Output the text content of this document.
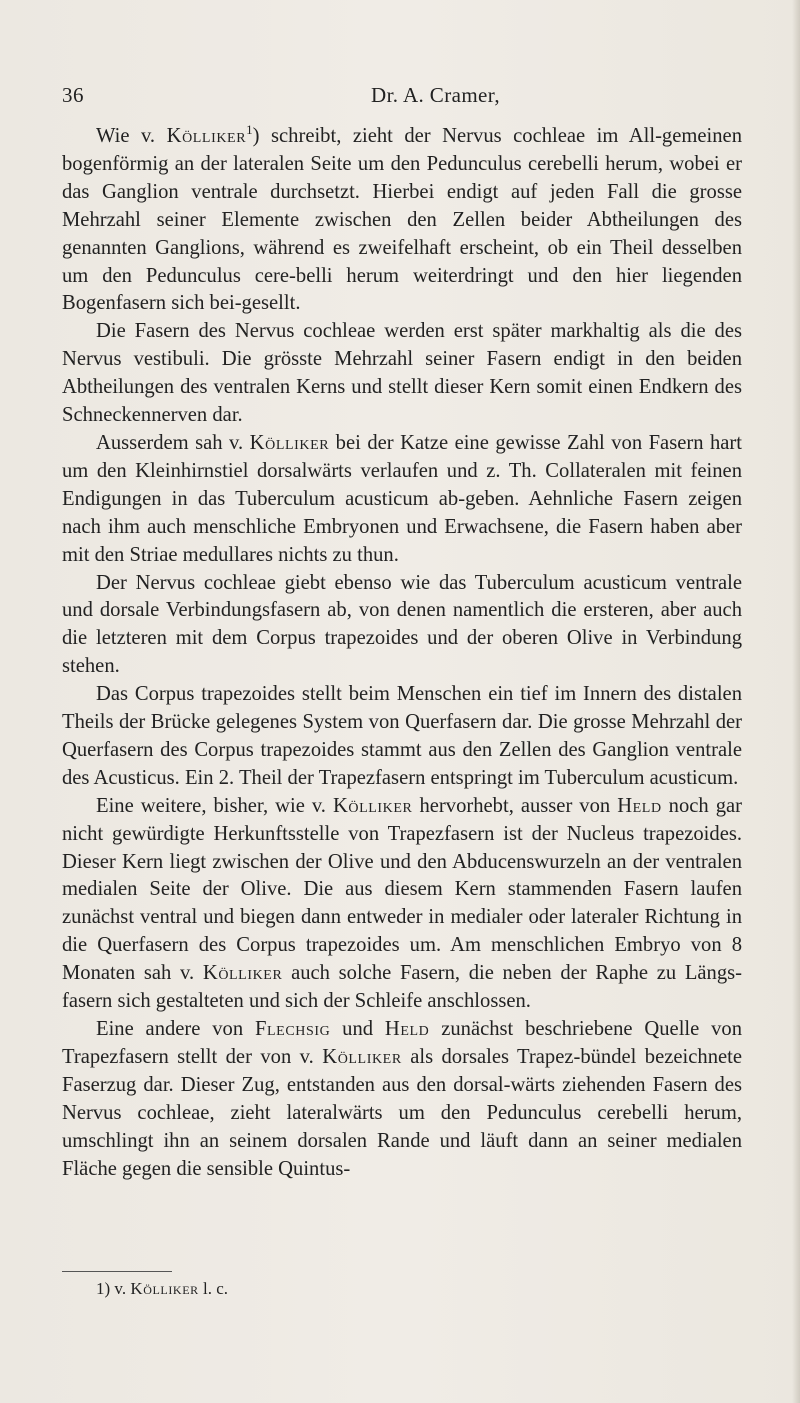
36	Dr. A. Cramer,

Wie v. Kölliker$^1$) schreibt, zieht der Nervus cochleae im All-gemeinen bogenförmig an der lateralen Seite um den Pedunculus cerebelli herum, wobei er das Ganglion ventrale durchsetzt. Hierbei endigt auf jeden Fall die grosse Mehrzahl seiner Elemente zwischen den Zellen beider Abtheilungen des genannten Ganglions, während es zweifelhaft erscheint, ob ein Theil desselben um den Pedunculus cere-belli herum weiterdringt und den hier liegenden Bogenfasern sich bei-gesellt.

Die Fasern des Nervus cochleae werden erst später markhaltig als die des Nervus vestibuli. Die grösste Mehrzahl seiner Fasern endigt in den beiden Abtheilungen des ventralen Kerns und stellt dieser Kern somit einen Endkern des Schneckennerven dar.

Ausserdem sah v. Kölliker bei der Katze eine gewisse Zahl von Fasern hart um den Kleinhirnstiel dorsalwärts verlaufen und z. Th. Collateralen mit feinen Endigungen in das Tuberculum acusticum ab-geben. Aehnliche Fasern zeigen nach ihm auch menschliche Embryonen und Erwachsene, die Fasern haben aber mit den Striae medullares nichts zu thun.

Der Nervus cochleae giebt ebenso wie das Tuberculum acusticum ventrale und dorsale Verbindungsfasern ab, von denen namentlich die ersteren, aber auch die letzteren mit dem Corpus trapezoides und der oberen Olive in Verbindung stehen.

Das Corpus trapezoides stellt beim Menschen ein tief im Innern des distalen Theils der Brücke gelegenes System von Querfasern dar. Die grosse Mehrzahl der Querfasern des Corpus trapezoides stammt aus den Zellen des Ganglion ventrale des Acusticus. Ein 2. Theil der Trapezfasern entspringt im Tuberculum acusticum.

Eine weitere, bisher, wie v. Kölliker hervorhebt, ausser von Held noch gar nicht gewürdigte Herkunftsstelle von Trapezfasern ist der Nucleus trapezoides. Dieser Kern liegt zwischen der Olive und den Abducenswurzeln an der ventralen medialen Seite der Olive. Die aus diesem Kern stammenden Fasern laufen zunächst ventral und biegen dann entweder in medialer oder lateraler Richtung in die Querfasern des Corpus trapezoides um. Am menschlichen Embryo von 8 Monaten sah v. Kölliker auch solche Fasern, die neben der Raphe zu Längs-fasern sich gestalteten und sich der Schleife anschlossen.

Eine andere von Flechsig und Held zunächst beschriebene Quelle von Trapezfasern stellt der von v. Kölliker als dorsales Trapez-bündel bezeichnete Faserzug dar. Dieser Zug, entstanden aus den dorsal-wärts ziehenden Fasern des Nervus cochleae, zieht lateralwärts um den Pedunculus cerebelli herum, umschlingt ihn an seinem dorsalen Rande und läuft dann an seiner medialen Fläche gegen die sensible Quintus-

1) v. Kölliker l. c.
